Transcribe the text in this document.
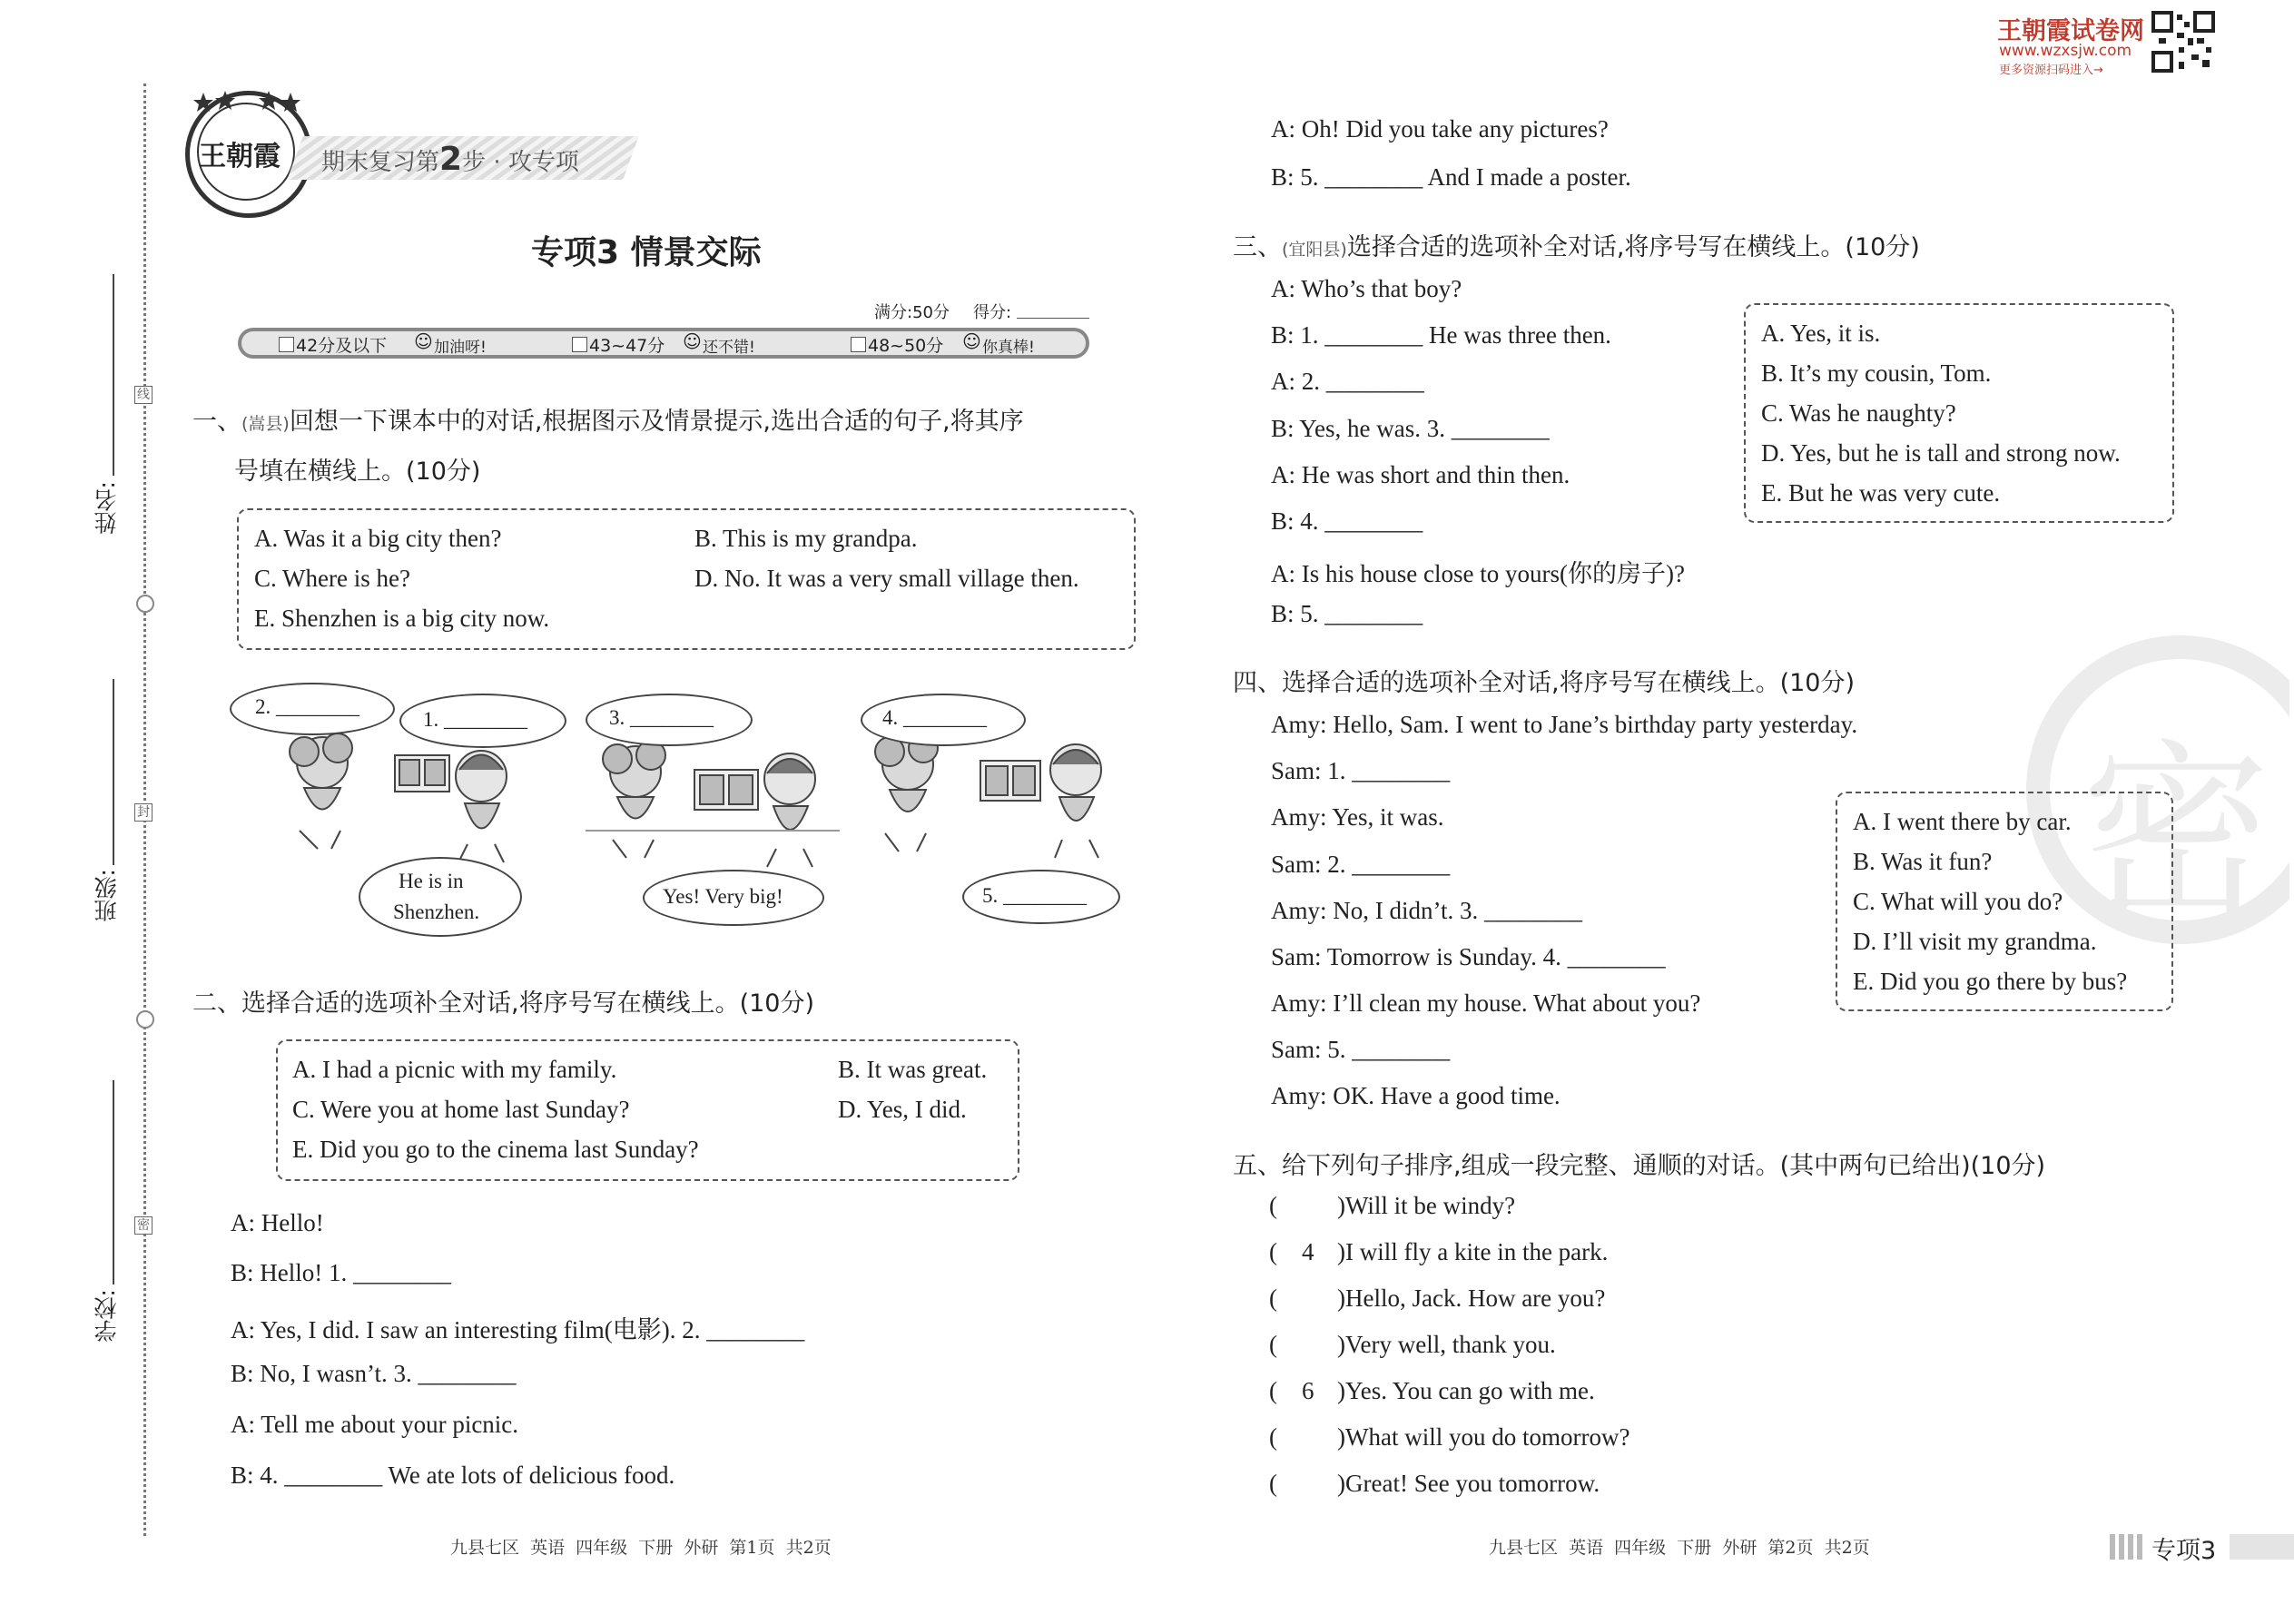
线
封
密
姓名:
班级:
学校:
王朝霞 期末复习第2步 · 攻专项
专项3 情景交际
满分:50分 得分:
42分及以下 ☺ 加油呀!	43~47分 ☺ 还不错!	48~50分 ☺ 你真棒!
一、(嵩县)回想一下课本中的对话,根据图示及情景提示,选出合适的句子,将其序
号填在横线上。(10分)
A. Was it a big city then?	B. This is my grandpa.
C. Where is he?	D. No. It was a very small village then.
E. Shenzhen is a big city now.
2. ________
1. ________	3. ________	4. ________
He is in
Shenzhen.
Yes! Very big!	5. ________
二、选择合适的选项补全对话,将序号写在横线上。(10分)
A. I had a picnic with my family.	B. It was great.
C. Were you at home last Sunday?	D. Yes, I did.
E. Did you go to the cinema last Sunday?
A: Hello!
B: Hello! 1. ________
A: Yes, I did. I saw an interesting film(电影). 2. ________
B: No, I wasn’t. 3. ________
A: Tell me about your picnic.
B: 4. ________ We ate lots of delicious food.
九县七区  英语  四年级  下册  外研  第1页  共2页
王朝霞试卷网
www.wzxsjw.com
更多资源扫码进入→
A: Oh! Did you take any pictures?
B: 5. ________ And I made a poster.
三、(宜阳县)选择合适的选项补全对话,将序号写在横线上。(10分)
A: Who’s that boy?
B: 1. ________ He was three then.
A: 2. ________
B: Yes, he was. 3. ________
A: He was short and thin then.
B: 4. ________
A: Is his house close to yours(你的房子)?
B: 5. ________
A. Yes, it is.
B. It’s my cousin, Tom.
C. Was he naughty?
D. Yes, but he is tall and strong now.
E. But he was very cute.
四、选择合适的选项补全对话,将序号写在横线上。(10分)
Amy: Hello, Sam. I went to Jane’s birthday party yesterday.
Sam: 1. ________
Amy: Yes, it was.
Sam: 2. ________
Amy: No, I didn’t. 3. ________
Sam: Tomorrow is Sunday. 4. ________
Amy: I’ll clean my house. What about you?
Sam: 5. ________
Amy: OK. Have a good time.
密
A. I went there by car.
B. Was it fun?
C. What will you do?
D. I’ll visit my grandma.
E. Did you go there by bus?
五、给下列句子排序,组成一段完整、通顺的对话。(其中两句已给出)(10分)
( )Will it be windy?
( 4 )I will fly a kite in the park.
( )Hello, Jack. How are you?
( )Very well, thank you.
( 6 )Yes. You can go with me.
( )What will you do tomorrow?
( )Great! See you tomorrow.
九县七区  英语  四年级  下册  外研  第2页  共2页	专项3
